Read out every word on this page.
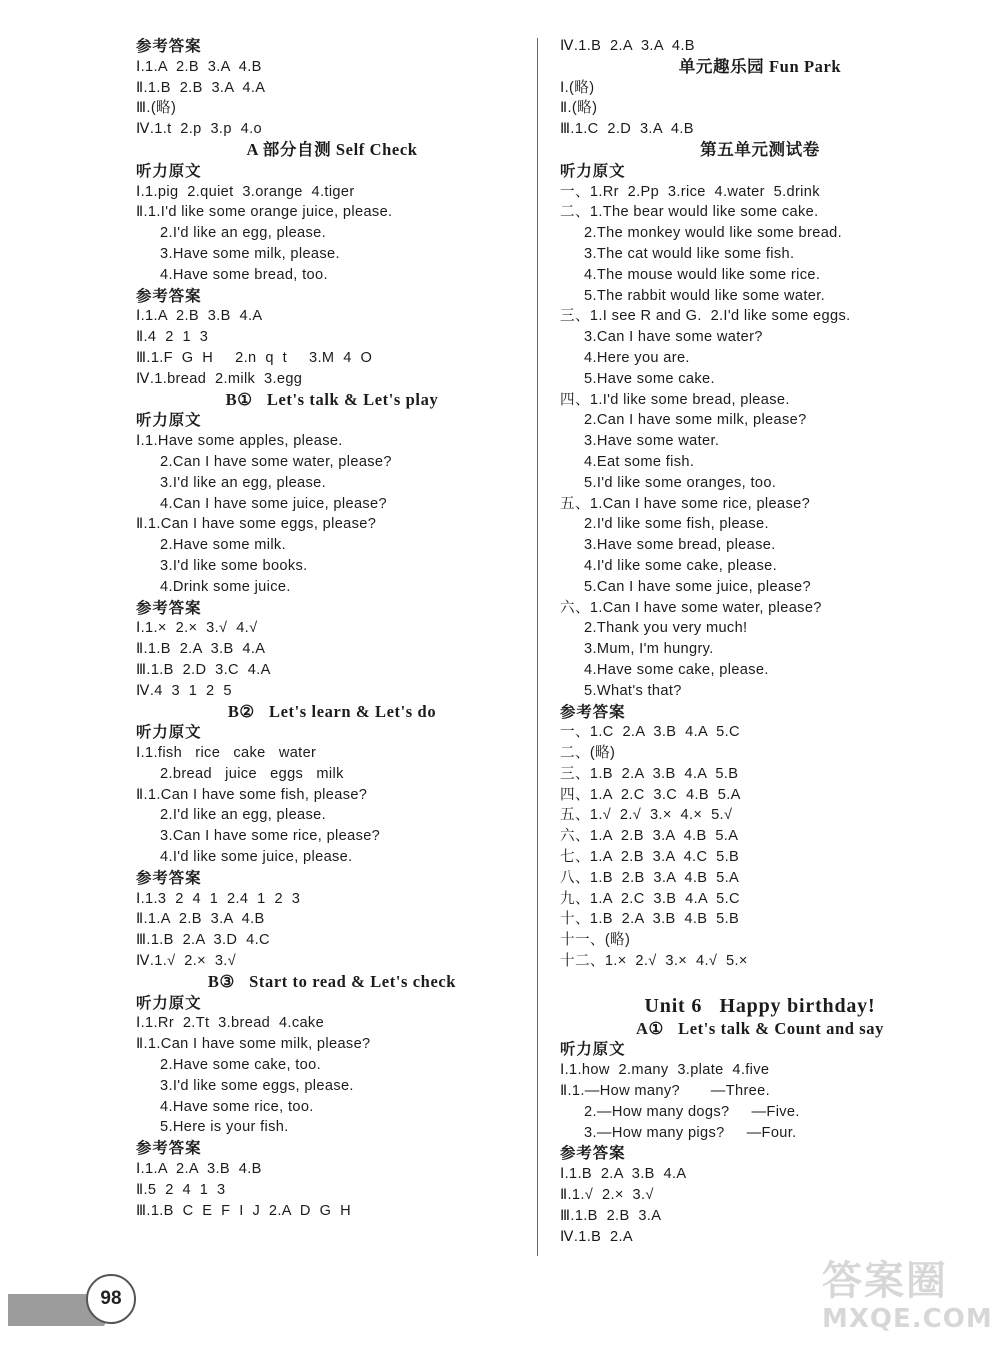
参考答案
Ⅰ.1.A  2.B  3.A  4.B
Ⅱ.1.B  2.B  3.A  4.A
Ⅲ.(略)
Ⅳ.1.t  2.p  3.p  4.o
A 部分自测 Self Check
听力原文
Ⅰ.1.pig  2.quiet  3.orange  4.tiger
Ⅱ.1.I'd like some orange juice, please.
2.I'd like an egg, please.
3.Have some milk, please.
4.Have some bread, too.
参考答案
Ⅰ.1.A  2.B  3.B  4.A
Ⅱ.4  2  1  3
Ⅲ.1.F  G  H     2.n  q  t     3.M  4  O
Ⅳ.1.bread  2.milk  3.egg
B①   Let's talk & Let's play
听力原文
Ⅰ.1.Have some apples, please.
2.Can I have some water, please?
3.I'd like an egg, please.
4.Can I have some juice, please?
Ⅱ.1.Can I have some eggs, please?
2.Have some milk.
3.I'd like some books.
4.Drink some juice.
参考答案
Ⅰ.1.×  2.×  3.√  4.√
Ⅱ.1.B  2.A  3.B  4.A
Ⅲ.1.B  2.D  3.C  4.A
Ⅳ.4  3  1  2  5
B②   Let's learn & Let's do
听力原文
Ⅰ.1.fish   rice   cake   water
2.bread   juice   eggs   milk
Ⅱ.1.Can I have some fish, please?
2.I'd like an egg, please.
3.Can I have some rice, please?
4.I'd like some juice, please.
参考答案
Ⅰ.1.3  2  4  1  2.4  1  2  3
Ⅱ.1.A  2.B  3.A  4.B
Ⅲ.1.B  2.A  3.D  4.C
Ⅳ.1.√  2.×  3.√
B③   Start to read & Let's check
听力原文
Ⅰ.1.Rr  2.Tt  3.bread  4.cake
Ⅱ.1.Can I have some milk, please?
2.Have some cake, too.
3.I'd like some eggs, please.
4.Have some rice, too.
5.Here is your fish.
参考答案
Ⅰ.1.A  2.A  3.B  4.B
Ⅱ.5  2  4  1  3
Ⅲ.1.B  C  E  F  I  J  2.A  D  G  H
Ⅳ.1.B  2.A  3.A  4.B
单元趣乐园 Fun Park
Ⅰ.(略)
Ⅱ.(略)
Ⅲ.1.C  2.D  3.A  4.B
第五单元测试卷
听力原文
一、1.Rr  2.Pp  3.rice  4.water  5.drink
二、1.The bear would like some cake.
2.The monkey would like some bread.
3.The cat would like some fish.
4.The mouse would like some rice.
5.The rabbit would like some water.
三、1.I see R and G.  2.I'd like some eggs.
3.Can I have some water?
4.Here you are.
5.Have some cake.
四、1.I'd like some bread, please.
2.Can I have some milk, please?
3.Have some water.
4.Eat some fish.
5.I'd like some oranges, too.
五、1.Can I have some rice, please?
2.I'd like some fish, please.
3.Have some bread, please.
4.I'd like some cake, please.
5.Can I have some juice, please?
六、1.Can I have some water, please?
2.Thank you very much!
3.Mum, I'm hungry.
4.Have some cake, please.
5.What's that?
参考答案
一、1.C  2.A  3.B  4.A  5.C
二、(略)
三、1.B  2.A  3.B  4.A  5.B
四、1.A  2.C  3.C  4.B  5.A
五、1.√  2.√  3.×  4.×  5.√
六、1.A  2.B  3.A  4.B  5.A
七、1.A  2.B  3.A  4.C  5.B
八、1.B  2.B  3.A  4.B  5.A
九、1.A  2.C  3.B  4.A  5.C
十、1.B  2.A  3.B  4.B  5.B
十一、(略)
十二、1.×  2.√  3.×  4.√  5.×
Unit 6   Happy birthday!
A①   Let's talk & Count and say
听力原文
Ⅰ.1.how  2.many  3.plate  4.five
Ⅱ.1.—How many?       —Three.
2.—How many dogs?     —Five.
3.—How many pigs?     —Four.
参考答案
Ⅰ.1.B  2.A  3.B  4.A
Ⅱ.1.√  2.×  3.√
Ⅲ.1.B  2.B  3.A
Ⅳ.1.B  2.A
98	答案圈
MXQE.COM
